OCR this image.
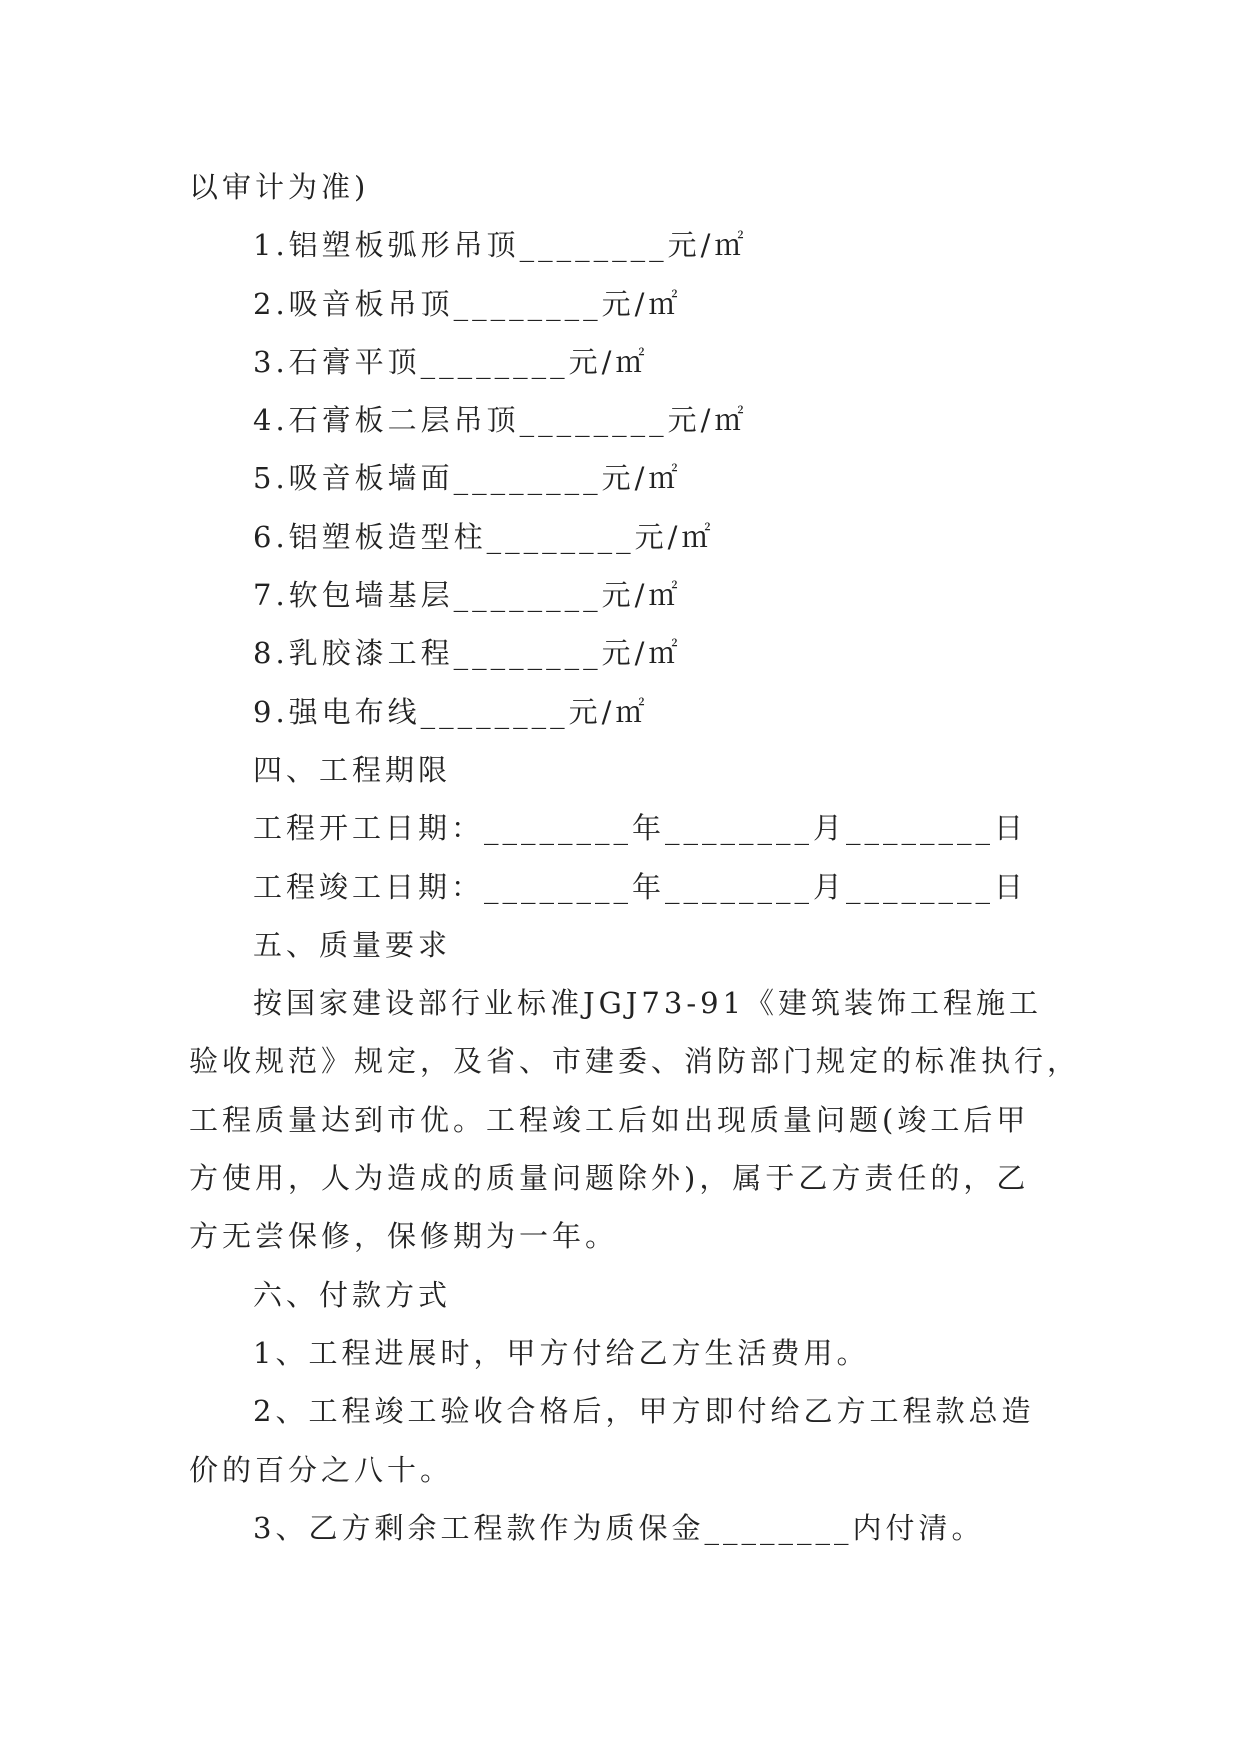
以审计为准)
1.铝塑板弧形吊顶________元/㎡
2.吸音板吊顶________元/㎡
3.石膏平顶________元/㎡
4.石膏板二层吊顶________元/㎡
5.吸音板墙面________元/㎡
6.铝塑板造型柱________元/㎡
7.软包墙基层________元/㎡
8.乳胶漆工程________元/㎡
9.强电布线________元/㎡
四、工程期限
工程开工日期：________年________月________日
工程竣工日期：________年________月________日
五、质量要求
按国家建设部行业标准JGJ73-91《建筑装饰工程施工
验收规范》规定，及省、市建委、消防部门规定的标准执行，
工程质量达到市优。工程竣工后如出现质量问题(竣工后甲
方使用，人为造成的质量问题除外)，属于乙方责任的，乙
方无尝保修，保修期为一年。
六、付款方式
1、工程进展时，甲方付给乙方生活费用。
2、工程竣工验收合格后，甲方即付给乙方工程款总造
价的百分之八十。
3、乙方剩余工程款作为质保金________内付清。
